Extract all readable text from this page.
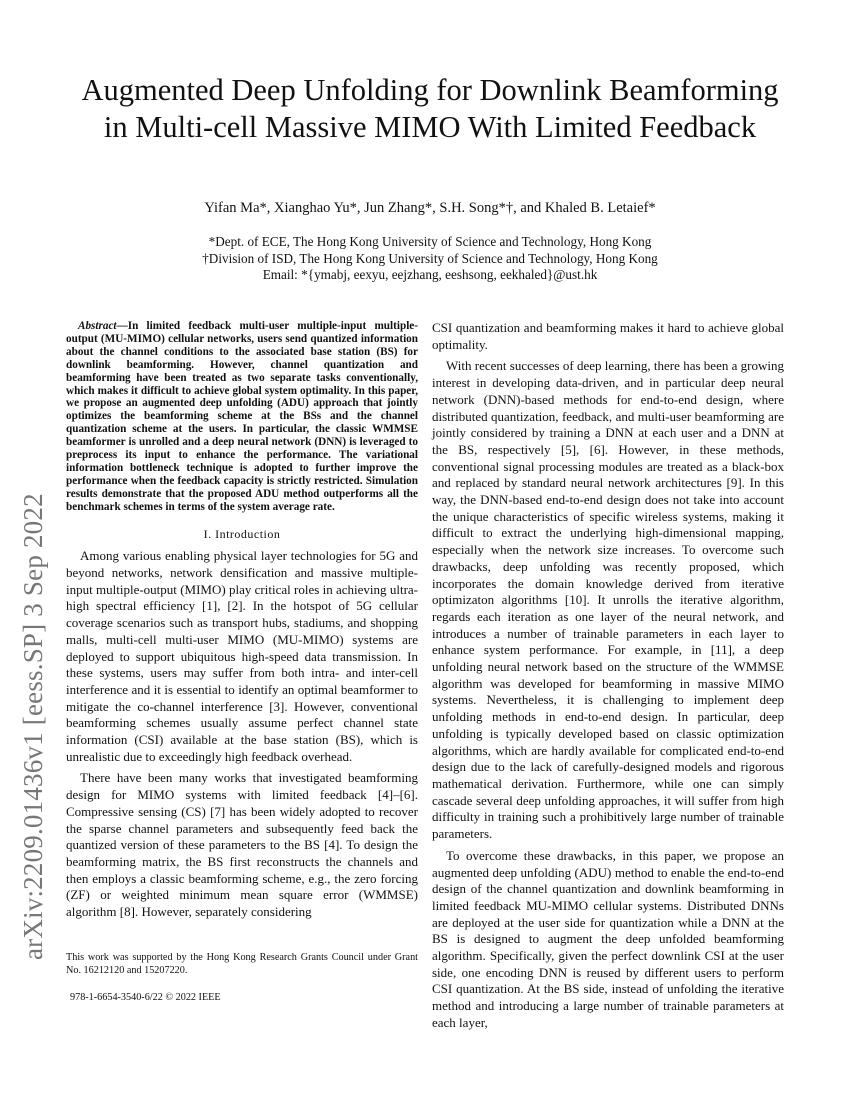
arXiv:2209.01436v1 [eess.SP] 3 Sep 2022
Augmented Deep Unfolding for Downlink Beamforming in Multi-cell Massive MIMO With Limited Feedback
Yifan Ma*, Xianghao Yu*, Jun Zhang*, S.H. Song*†, and Khaled B. Letaief*
*Dept. of ECE, The Hong Kong University of Science and Technology, Hong Kong
†Division of ISD, The Hong Kong University of Science and Technology, Hong Kong
Email: *{ymabj, eexyu, eejzhang, eeshsong, eekhaled}@ust.hk

Abstract—In limited feedback multi-user multiple-input multiple-output (MU-MIMO) cellular networks, users send quantized information about the channel conditions to the associated base station (BS) for downlink beamforming. However, channel quantization and beamforming have been treated as two separate tasks conventionally, which makes it difficult to achieve global system optimality. In this paper, we propose an augmented deep unfolding (ADU) approach that jointly optimizes the beamforming scheme at the BSs and the channel quantization scheme at the users. In particular, the classic WMMSE beamformer is unrolled and a deep neural network (DNN) is leveraged to preprocess its input to enhance the performance. The variational information bottleneck technique is adopted to further improve the performance when the feedback capacity is strictly restricted. Simulation results demonstrate that the proposed ADU method outperforms all the benchmark schemes in terms of the system average rate.

I. Introduction

Among various enabling physical layer technologies for 5G and beyond networks, network densification and massive multiple-input multiple-output (MIMO) play critical roles in achieving ultra-high spectral efficiency [1], [2]. In the hotspot of 5G cellular coverage scenarios such as transport hubs, stadiums, and shopping malls, multi-cell multi-user MIMO (MU-MIMO) systems are deployed to support ubiquitous high-speed data transmission. In these systems, users may suffer from both intra- and inter-cell interference and it is essential to identify an optimal beamformer to mitigate the co-channel interference [3]. However, conventional beamforming schemes usually assume perfect channel state information (CSI) available at the base station (BS), which is unrealistic due to exceedingly high feedback overhead.

There have been many works that investigated beamforming design for MIMO systems with limited feedback [4]–[6]. Compressive sensing (CS) [7] has been widely adopted to recover the sparse channel parameters and subsequently feed back the quantized version of these parameters to the BS [4]. To design the beamforming matrix, the BS first reconstructs the channels and then employs a classic beamforming scheme, e.g., the zero forcing (ZF) or weighted minimum mean square error (WMMSE) algorithm [8]. However, separately considering

CSI quantization and beamforming makes it hard to achieve global optimality.

With recent successes of deep learning, there has been a growing interest in developing data-driven, and in particular deep neural network (DNN)-based methods for end-to-end design, where distributed quantization, feedback, and multi-user beamforming are jointly considered by training a DNN at each user and a DNN at the BS, respectively [5], [6]. However, in these methods, conventional signal processing modules are treated as a black-box and replaced by standard neural network architectures [9]. In this way, the DNN-based end-to-end design does not take into account the unique characteristics of specific wireless systems, making it difficult to extract the underlying high-dimensional mapping, especially when the network size increases. To overcome such drawbacks, deep unfolding was recently proposed, which incorporates the domain knowledge derived from iterative optimizaton algorithms [10]. It unrolls the iterative algorithm, regards each iteration as one layer of the neural network, and introduces a number of trainable parameters in each layer to enhance system performance. For example, in [11], a deep unfolding neural network based on the structure of the WMMSE algorithm was developed for beamforming in massive MIMO systems. Nevertheless, it is challenging to implement deep unfolding methods in end-to-end design. In particular, deep unfolding is typically developed based on classic optimization algorithms, which are hardly available for complicated end-to-end design due to the lack of carefully-designed models and rigorous mathematical derivation. Furthermore, while one can simply cascade several deep unfolding approaches, it will suffer from high difficulty in training such a prohibitively large number of trainable parameters.

To overcome these drawbacks, in this paper, we propose an augmented deep unfolding (ADU) method to enable the end-to-end design of the channel quantization and downlink beamforming in limited feedback MU-MIMO cellular systems. Distributed DNNs are deployed at the user side for quantization while a DNN at the BS is designed to augment the deep unfolded beamforming algorithm. Specifically, given the perfect downlink CSI at the user side, one encoding DNN is reused by different users to perform CSI quantization. At the BS side, instead of unfolding the iterative method and introducing a large number of trainable parameters at each layer,

This work was supported by the Hong Kong Research Grants Council under Grant No. 16212120 and 15207220.
978-1-6654-3540-6/22 © 2022 IEEE
